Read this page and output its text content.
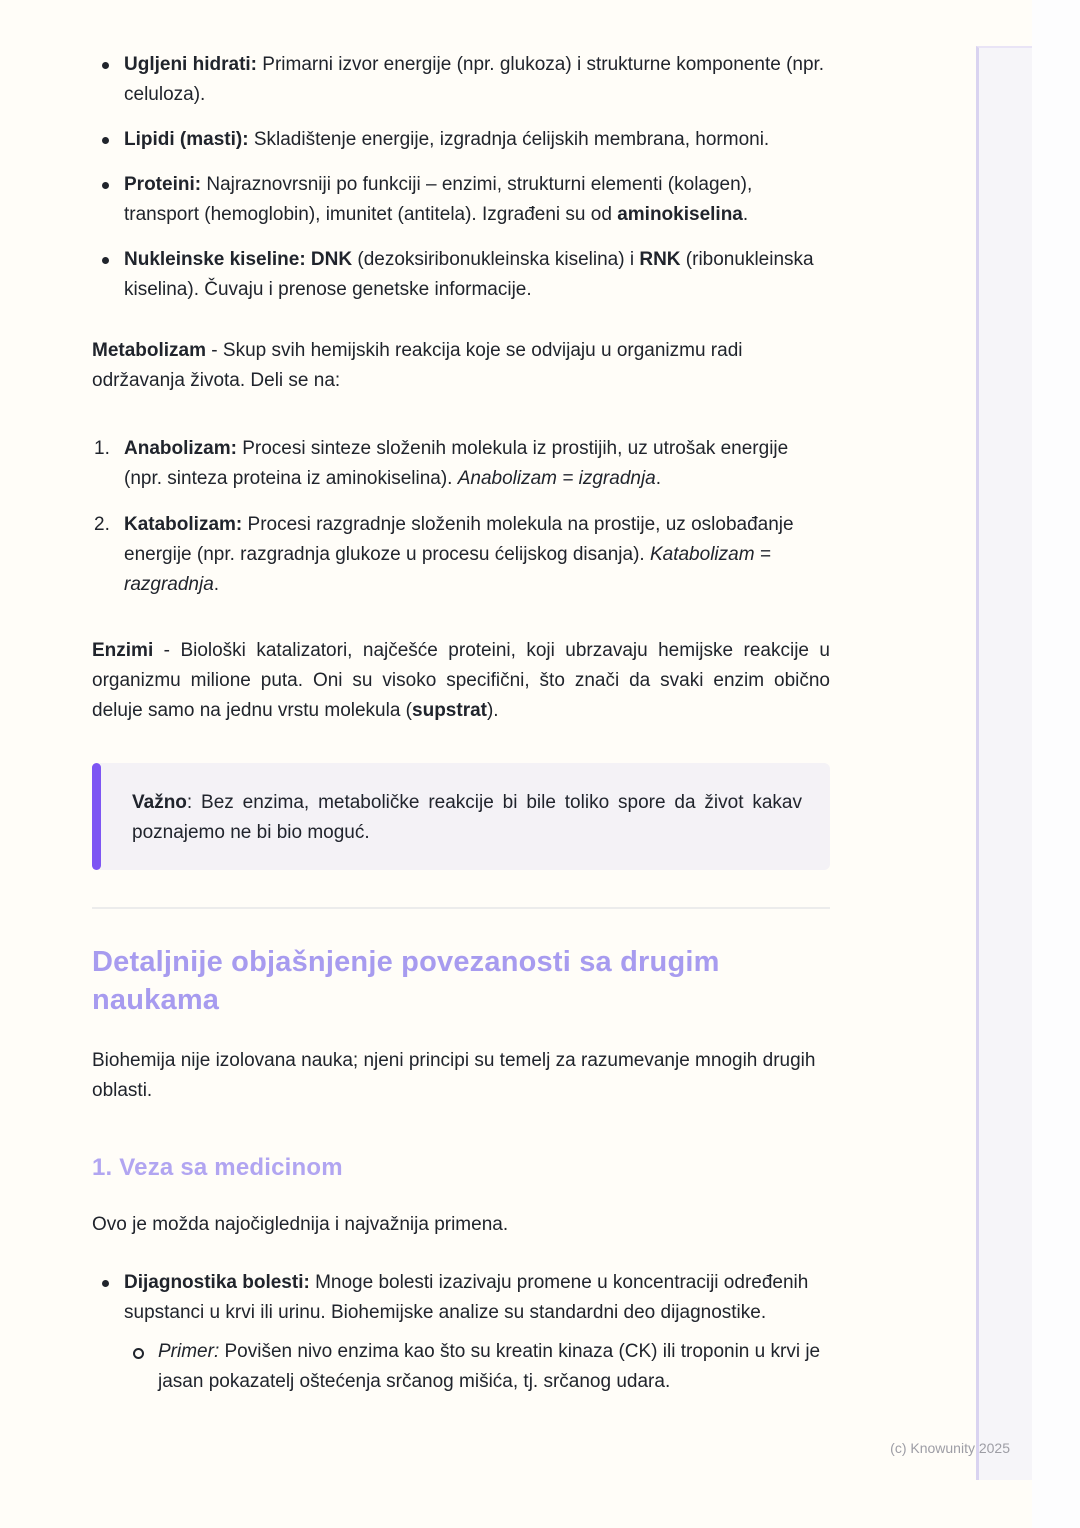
Ugljeni hidrati: Primarni izvor energije (npr. glukoza) i strukturne komponente (npr. celuloza).
Lipidi (masti): Skladištenje energije, izgradnja ćelijskih membrana, hormoni.
Proteini: Najraznovrsniji po funkciji – enzimi, strukturni elementi (kolagen), transport (hemoglobin), imunitet (antitela). Izgrađeni su od aminokiselina.
Nukleinske kiseline: DNK (dezoksiribonukleinska kiselina) i RNK (ribonukleinska kiselina). Čuvaju i prenose genetske informacije.

Metabolizam - Skup svih hemijskih reakcija koje se odvijaju u organizmu radi održavanja života. Deli se na:

1. Anabolizam: Procesi sinteze složenih molekula iz prostijih, uz utrošak energije (npr. sinteza proteina iz aminokiselina). Anabolizam = izgradnja.
2. Katabolizam: Procesi razgradnje složenih molekula na prostije, uz oslobađanje energije (npr. razgradnja glukoze u procesu ćelijskog disanja). Katabolizam = razgradnja.

Enzimi - Biološki katalizatori, najčešće proteini, koji ubrzavaju hemijske reakcije u organizmu milione puta. Oni su visoko specifični, što znači da svaki enzim obično deluje samo na jednu vrstu molekula (supstrat).

Važno: Bez enzima, metaboličke reakcije bi bile toliko spore da život kakav poznajemo ne bi bio moguć.

Detaljnije objašnjenje povezanosti sa drugim naukama

Biohemija nije izolovana nauka; njeni principi su temelj za razumevanje mnogih drugih oblasti.

1. Veza sa medicinom

Ovo je možda najočiglednija i najvažnija primena.

Dijagnostika bolesti: Mnoge bolesti izazivaju promene u koncentraciji određenih supstanci u krvi ili urinu. Biohemijske analize su standardni deo dijagnostike.
Primer: Povišen nivo enzima kao što su kreatin kinaza (CK) ili troponin u krvi je jasan pokazatelj oštećenja srčanog mišića, tj. srčanog udara.
(c) Knowunity 2025
